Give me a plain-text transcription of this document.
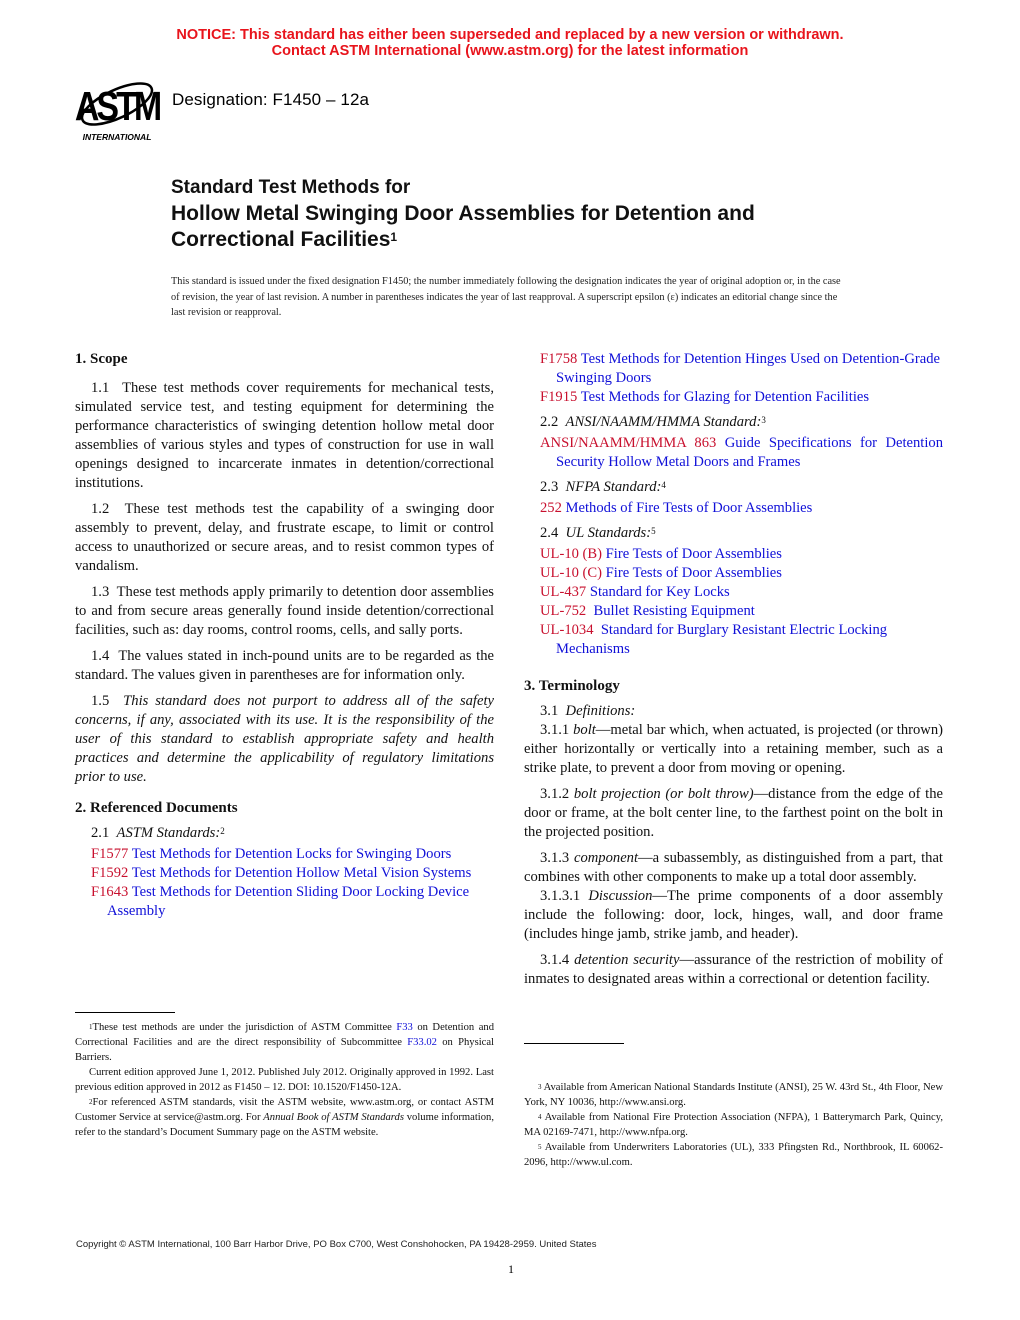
NOTICE: This standard has either been superseded and replaced by a new version or withdrawn.
Contact ASTM International (www.astm.org) for the latest information
ASTM
INTERNATIONAL
Designation: F1450 – 12a
Standard Test Methods for
Hollow Metal Swinging Door Assemblies for Detention and
Correctional Facilities$^1$
This standard is issued under the fixed designation F1450; the number immediately following the designation indicates the year of original adoption or, in the case of revision, the year of last revision. A number in parentheses indicates the year of last reapproval. A superscript epsilon (ε) indicates an editorial change since the last revision or reapproval.
1. Scope

1.1 These test methods cover requirements for mechanical tests, simulated service test, and testing equipment for determining the performance characteristics of swinging detention hollow metal door assemblies of various styles and types of construction for use in wall openings designed to incarcerate inmates in detention/correctional institutions.

1.2 These test methods test the capability of a swinging door assembly to prevent, delay, and frustrate escape, to limit or control access to unauthorized or secure areas, and to resist common types of vandalism.

1.3 These test methods apply primarily to detention door assemblies to and from secure areas generally found inside detention/correctional facilities, such as: day rooms, control rooms, cells, and sally ports.

1.4 The values stated in inch-pound units are to be regarded as the standard. The values given in parentheses are for information only.

1.5 This standard does not purport to address all of the safety concerns, if any, associated with its use. It is the responsibility of the user of this standard to establish appropriate safety and health practices and determine the applicability of regulatory limitations prior to use.

2. Referenced Documents
2.1 ASTM Standards:$^2$

F1577 Test Methods for Detention Locks for Swinging Doors

F1592 Test Methods for Detention Hollow Metal Vision Systems

F1643 Test Methods for Detention Sliding Door Locking Device Assembly

F1758 Test Methods for Detention Hinges Used on Detention-Grade Swinging Doors

F1915 Test Methods for Glazing for Detention Facilities

2.2 ANSI/NAAMM/HMMA Standard:$^3$

ANSI/NAAMM/HMMA 863 Guide Specifications for Detention Security Hollow Metal Doors and Frames

2.3 NFPA Standard:$^4$

252 Methods of Fire Tests of Door Assemblies

2.4 UL Standards:$^5$

UL-10 (B) Fire Tests of Door Assemblies

UL-10 (C) Fire Tests of Door Assemblies

UL-437 Standard for Key Locks

UL-752 Bullet Resisting Equipment

UL-1034 Standard for Burglary Resistant Electric Locking Mechanisms

3. Terminology

3.1 Definitions:

3.1.1 bolt—metal bar which, when actuated, is projected (or thrown) either horizontally or vertically into a retaining member, such as a strike plate, to prevent a door from moving or opening.

3.1.2 bolt projection (or bolt throw)—distance from the edge of the door or frame, at the bolt center line, to the farthest point on the bolt in the projected position.

3.1.3 component—a subassembly, as distinguished from a part, that combines with other components to make up a total door assembly.

3.1.3.1 Discussion—The prime components of a door assembly include the following: door, lock, hinges, wall, and door frame (includes hinge jamb, strike jamb, and header).

3.1.4 detention security—assurance of the restriction of mobility of inmates to designated areas within a correctional or detention facility.

$^1$These test methods are under the jurisdiction of ASTM Committee F33 on Detention and Correctional Facilities and are the direct responsibility of Subcommittee F33.02 on Physical Barriers.

Current edition approved June 1, 2012. Published July 2012. Originally approved in 1992. Last previous edition approved in 2012 as F1450 – 12. DOI: 10.1520/F1450-12A.

$^2$For referenced ASTM standards, visit the ASTM website, www.astm.org, or contact ASTM Customer Service at service@astm.org. For Annual Book of ASTM Standards volume information, refer to the standard’s Document Summary page on the ASTM website.

$^3$ Available from American National Standards Institute (ANSI), 25 W. 43rd St., 4th Floor, New York, NY 10036, http://www.ansi.org.

$^4$ Available from National Fire Protection Association (NFPA), 1 Batterymarch Park, Quincy, MA 02169-7471, http://www.nfpa.org.

$^5$ Available from Underwriters Laboratories (UL), 333 Pfingsten Rd., Northbrook, IL 60062-2096, http://www.ul.com.

Copyright © ASTM International, 100 Barr Harbor Drive, PO Box C700, West Conshohocken, PA 19428-2959. United States
1
